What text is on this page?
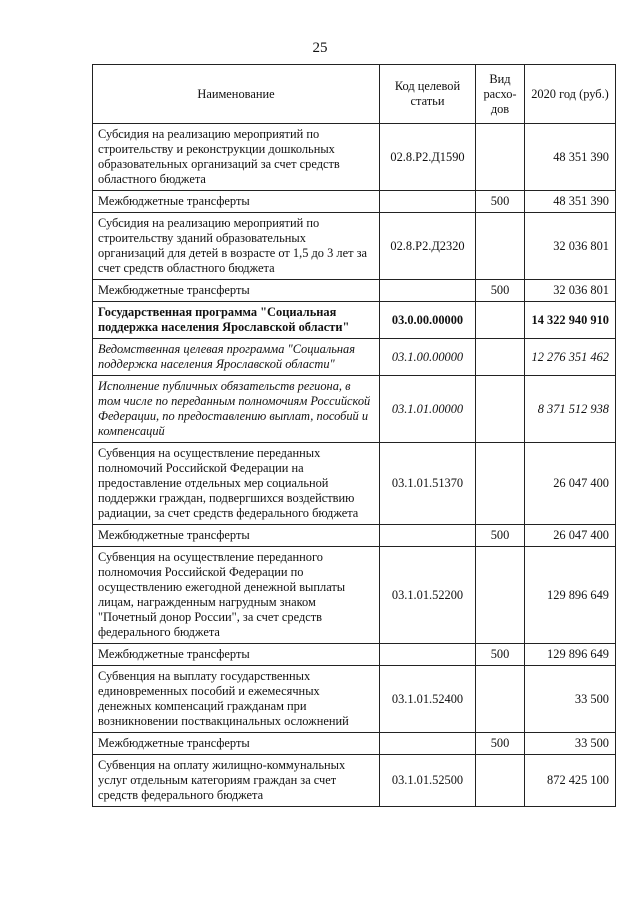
25
Наименование	Код целевой статьи	Вид расхо-дов	2020 год (руб.)
Субсидия на реализацию мероприятий по строительству и реконструкции дошкольных образовательных организаций за счет средств областного бюджета	02.8.P2.Д1590		48 351 390
Межбюджетные трансферты		500	48 351 390
Субсидия на реализацию мероприятий по строительству зданий образовательных организаций для детей в возрасте от 1,5 до 3 лет за счет средств областного бюджета	02.8.P2.Д2320		32 036 801
Межбюджетные трансферты		500	32 036 801
Государственная программа "Социальная поддержка населения Ярославской области"	03.0.00.00000		14 322 940 910
Ведомственная целевая программа "Социальная поддержка населения Ярославской области"	03.1.00.00000		12 276 351 462
Исполнение публичных обязательств региона, в том числе по переданным полномочиям Российской Федерации, по предоставлению выплат, пособий и компенсаций	03.1.01.00000		8 371 512 938
Субвенция на осуществление переданных полномочий Российской Федерации на предоставление отдельных мер социальной поддержки граждан, подвергшихся воздействию радиации, за счет средств федерального бюджета	03.1.01.51370		26 047 400
Межбюджетные трансферты		500	26 047 400
Субвенция на осуществление переданного полномочия Российской Федерации по осуществлению ежегодной денежной выплаты лицам, награжденным нагрудным знаком "Почетный донор России", за счет средств федерального бюджета	03.1.01.52200		129 896 649
Межбюджетные трансферты		500	129 896 649
Субвенция на выплату государственных единовременных пособий и ежемесячных денежных компенсаций гражданам при возникновении поствакцинальных осложнений	03.1.01.52400		33 500
Межбюджетные трансферты		500	33 500
Субвенция на оплату жилищно-коммунальных услуг отдельным категориям граждан за счет средств федерального бюджета	03.1.01.52500		872 425 100
